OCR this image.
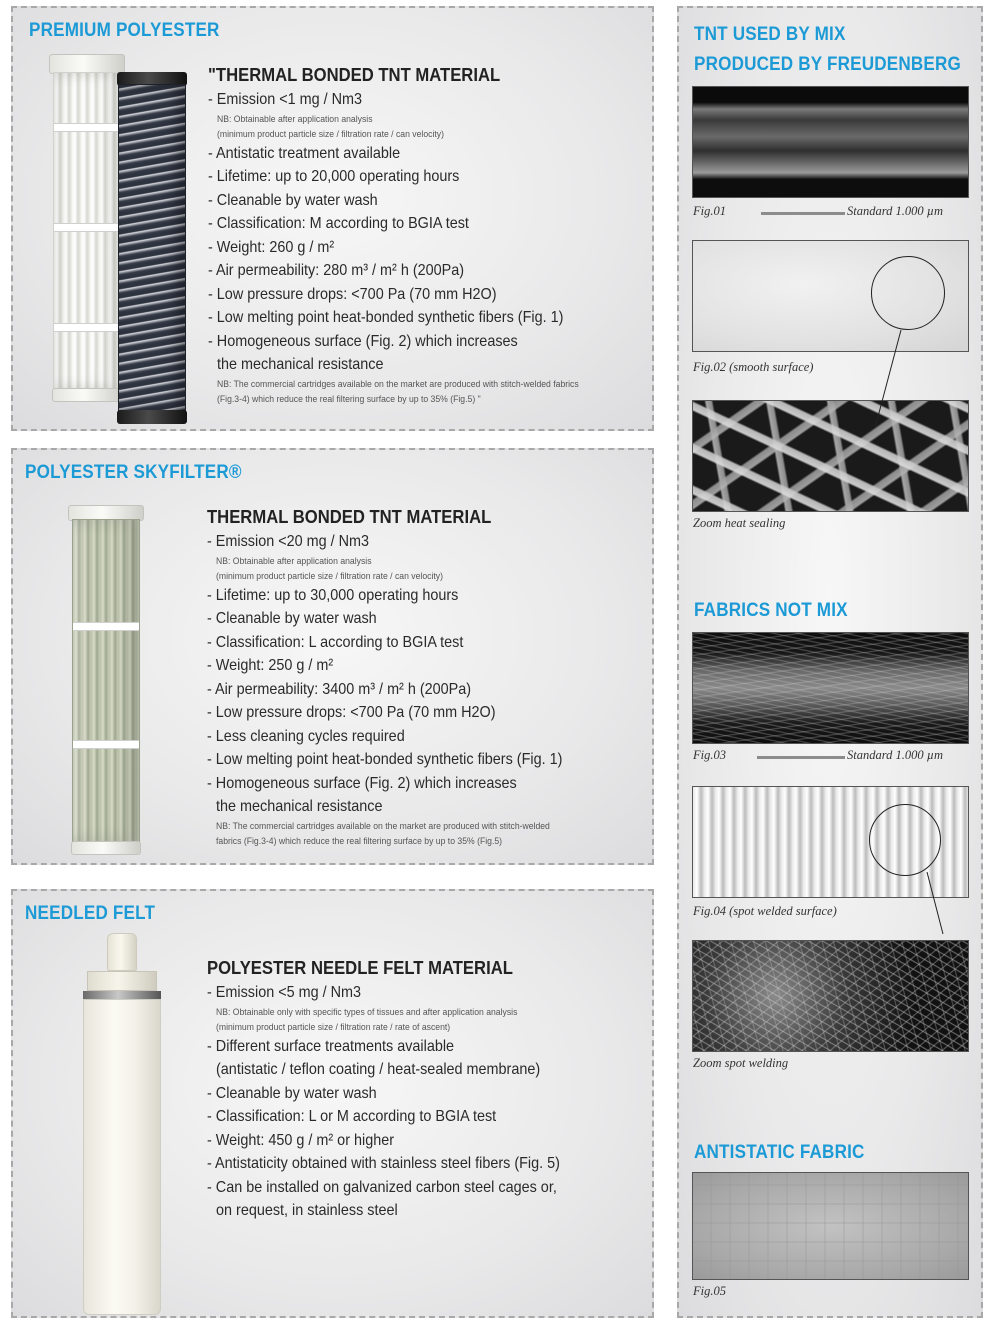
PREMIUM POLYESTER
"THERMAL BONDED TNT MATERIAL
- Emission <1 mg / Nm3
NB: Obtainable after application analysis
(minimum product particle size / filtration rate / can velocity)
- Antistatic treatment available
- Lifetime: up to 20,000 operating hours
- Cleanable by water wash
- Classification: M according to BGIA test
- Weight: 260 g / m²
- Air permeability: 280 m³ / m² h (200Pa)
- Low pressure drops: <700 Pa (70 mm H2O)
- Low melting point heat-bonded synthetic fibers (Fig. 1)
- Homogeneous surface (Fig. 2) which increases
the mechanical resistance
NB: The commercial cartridges available on the market are produced with stitch-welded fabrics
(Fig.3-4) which reduce the real filtering surface by up to 35% (Fig.5) "
POLYESTER SKYFILTER®
THERMAL BONDED TNT MATERIAL
- Emission <20 mg / Nm3
NB: Obtainable after application analysis
(minimum product particle size / filtration rate / can velocity)
- Lifetime: up to 30,000 operating hours
- Cleanable by water wash
- Classification: L according to BGIA test
- Weight: 250 g / m²
- Air permeability: 3400 m³ / m² h (200Pa)
- Low pressure drops: <700 Pa (70 mm H2O)
- Less cleaning cycles required
- Low melting point heat-bonded synthetic fibers (Fig. 1)
- Homogeneous surface (Fig. 2) which increases
the mechanical resistance
NB: The commercial cartridges available on the market are produced with stitch-welded
fabrics (Fig.3-4) which reduce the real filtering surface by up to 35% (Fig.5)
NEEDLED FELT
POLYESTER NEEDLE FELT MATERIAL
- Emission <5 mg / Nm3
NB: Obtainable only with specific types of tissues and after application analysis
(minimum product particle size / filtration rate / rate of ascent)
- Different surface treatments available
(antistatic / teflon coating / heat-sealed membrane)
- Cleanable by water wash
- Classification: L or M according to BGIA test
- Weight: 450 g / m² or higher
- Antistaticity obtained with stainless steel fibers (Fig. 5)
- Can be installed on galvanized carbon steel cages or,
on request, in stainless steel
TNT USED BY MIX
PRODUCED BY FREUDENBERG
Fig.01	Standard 1.000 µm
Fig.02 (smooth surface)
Zoom heat sealing
FABRICS NOT MIX
Fig.03	Standard 1.000 µm
Fig.04 (spot welded surface)
Zoom spot welding
ANTISTATIC FABRIC
Fig.05
